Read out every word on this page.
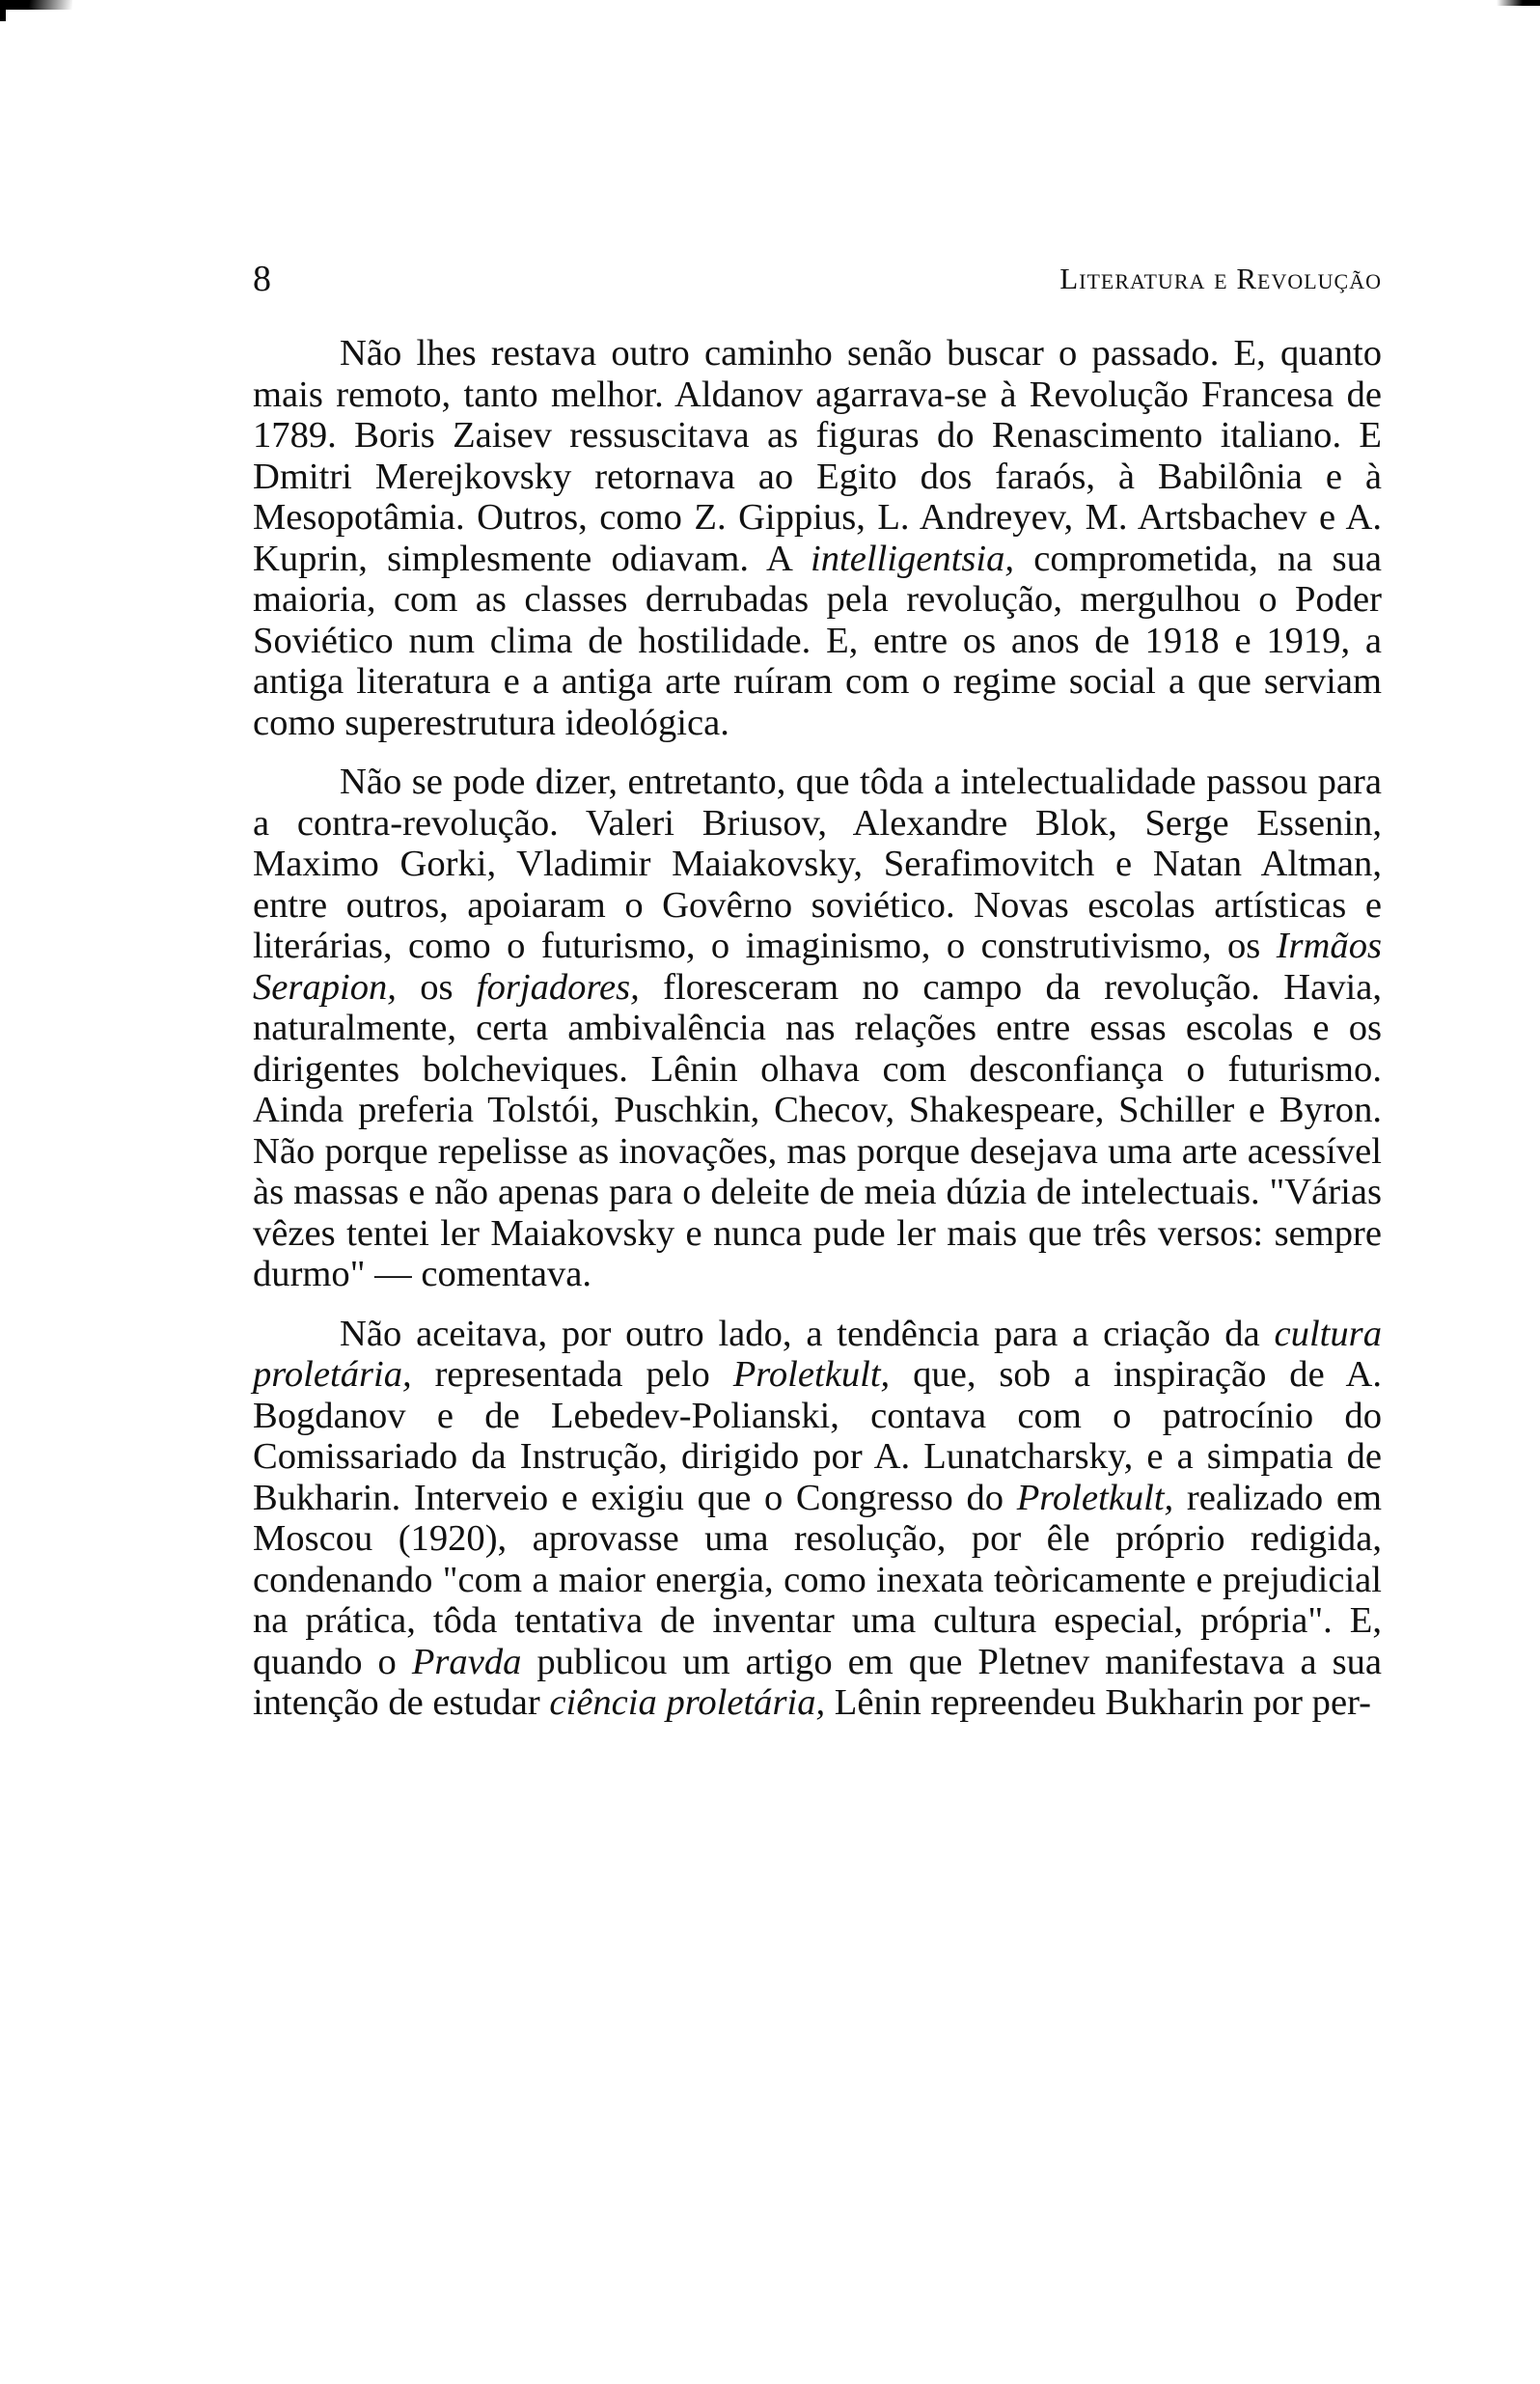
8	Literatura e Revolução

Não lhes restava outro caminho senão buscar o passado. E, quanto mais remoto, tanto melhor. Aldanov agarrava-se à Revolução Francesa de 1789. Boris Zaisev ressuscitava as figuras do Renascimento italiano. E Dmitri Merejkovsky retornava ao Egito dos faraós, à Babilônia e à Mesopotâmia. Outros, como Z. Gippius, L. Andreyev, M. Artsbachev e A. Kuprin, simplesmente odiavam. A intelligentsia, comprometida, na sua maioria, com as classes derrubadas pela revolução, mergulhou o Poder Soviético num clima de hostilidade. E, entre os anos de 1918 e 1919, a antiga literatura e a antiga arte ruíram com o regime social a que serviam como superestrutura ideológica.

Não se pode dizer, entretanto, que tôda a intelectualidade passou para a contra-revolução. Valeri Briusov, Alexandre Blok, Serge Essenin, Maximo Gorki, Vladimir Maiakovsky, Serafimovitch e Natan Altman, entre outros, apoiaram o Govêrno soviético. Novas escolas artísticas e literárias, como o futurismo, o imaginismo, o construtivismo, os Irmãos Serapion, os forjadores, floresceram no campo da revolução. Havia, naturalmente, certa ambivalência nas relações entre essas escolas e os dirigentes bolcheviques. Lênin olhava com desconfiança o futurismo. Ainda preferia Tolstói, Puschkin, Checov, Shakespeare, Schiller e Byron. Não porque repelisse as inovações, mas porque desejava uma arte acessível às massas e não apenas para o deleite de meia dúzia de intelectuais. "Várias vêzes tentei ler Maiakovsky e nunca pude ler mais que três versos: sempre durmo" — comentava.

Não aceitava, por outro lado, a tendência para a criação da cultura proletária, representada pelo Proletkult, que, sob a inspiração de A. Bogdanov e de Lebedev-Polianski, contava com o patrocínio do Comissariado da Instrução, dirigido por A. Lunatcharsky, e a simpatia de Bukharin. Interveio e exigiu que o Congresso do Proletkult, realizado em Moscou (1920), aprovasse uma resolução, por êle próprio redigida, condenando "com a maior energia, como inexata teòricamente e prejudicial na prática, tôda tentativa de inventar uma cultura especial, própria". E, quando o Pravda publicou um artigo em que Pletnev manifestava a sua intenção de estudar ciência proletária, Lênin repreendeu Bukharin por per-
